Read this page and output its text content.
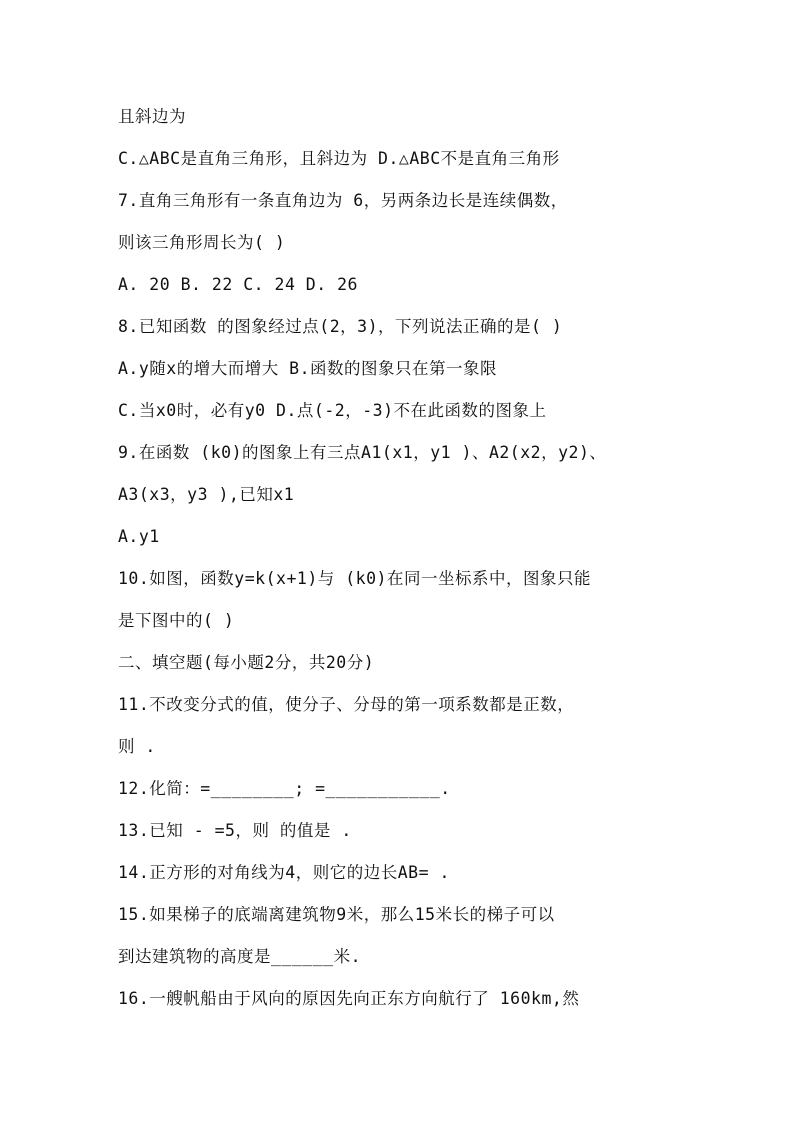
且斜边为
C.△ABC是直角三角形，且斜边为 D.△ABC不是直角三角形
7.直角三角形有一条直角边为 6，另两条边长是连续偶数，
则该三角形周长为( )
A. 20 B. 22 C. 24 D. 26
8.已知函数 的图象经过点(2，3)，下列说法正确的是( )
A.y随x的增大而增大 B.函数的图象只在第一象限
C.当x0时，必有y0 D.点(-2，-3)不在此函数的图象上
9.在函数 (k0)的图象上有三点A1(x1，y1 )、A2(x2，y2)、
A3(x3，y3 ),已知x1
A.y1
10.如图，函数y=k(x+1)与 (k0)在同一坐标系中，图象只能
是下图中的( )
二、填空题(每小题2分，共20分)
11.不改变分式的值，使分子、分母的第一项系数都是正数，
则 .
12.化简：=________; =___________.
13.已知 - =5，则 的值是 .
14.正方形的对角线为4，则它的边长AB= .
15.如果梯子的底端离建筑物9米，那么15米长的梯子可以
到达建筑物的高度是______米.
16.一艘帆船由于风向的原因先向正东方向航行了 160km,然
